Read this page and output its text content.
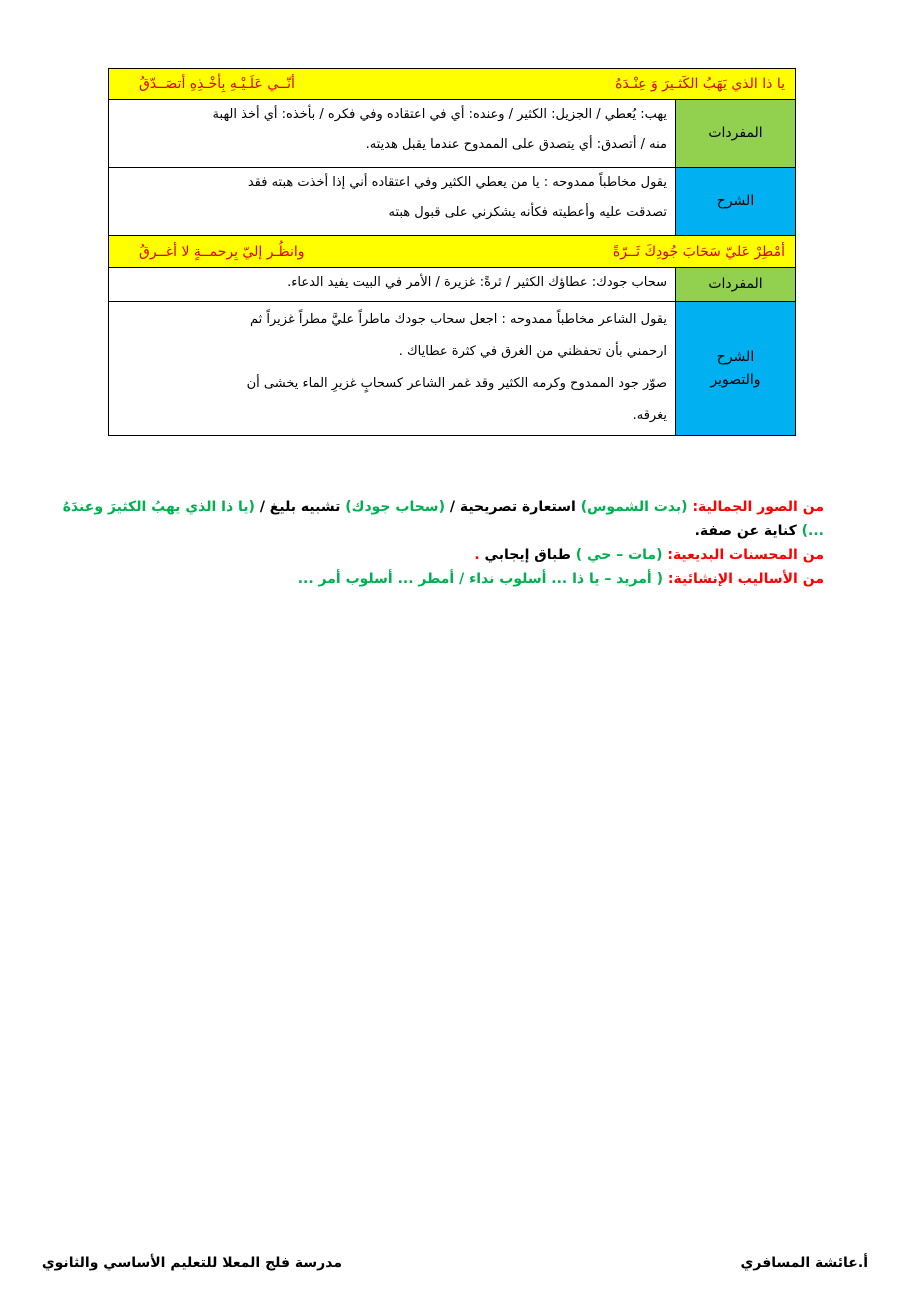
يا ذا الذي يَهَبُ الكَثـيرَ وَ عِنْـدَهُ
أنّــي عَلَـيْـهِ بِأخْـذِهِ أتصَــدّقُ
المفردات

يهب: يُعطي / الجزيل: الكثير / وعنده: أي في اعتقاده وفي فكره / بأخذه: أي أخذ الهبة

منه / أتصدق: أي يتصدق على الممدوح عندما يقبل هديته.

الشرح

يقول مخاطباً ممدوحه : يا من يعطي الكثير وفي اعتقاده أني إذا أخذت هبته فقد

تصدقت عليه وأعطيته فكأنه يشكرني على قبول هبته

أمْطِرْ عَليّ سَحَابَ جُودِكَ ثَــرّةً
وانظُـر إليّ بِرحمــةٍ لا أغــرقُ
المفردات

سحاب جودك: عطاؤك الكثير / ثرةً: غزيرة / الأمر في البيت يفيد الدعاء.

الشرح
والتصوير

يقول الشاعر مخاطباً ممدوحه : اجعل سحاب جودك ماطراً عليَّ مطراً غزيراً ثم

ارحمني بأن تحفظني من الغرق في كثرة عطاياك .

صوّر جود الممدوح وكرمه الكثير وقد غمر الشاعر كسحابٍ غزيرِ الماء يخشى أن

يغرقه.

من الصور الجمالية: (بدت الشموس) استعارة تصريحية / (سحاب جودك) تشبيه بليغ / (يا ذا الذي يهبُ الكثيرَ وعندَهُ ...) كناية عن صفة.

من المحسنات البديعية: (مات – حي ) طباق إيجابي .

من الأساليب الإنشائية: ( أمريد – يا ذا ... أسلوب نداء / أمطر ... أسلوب أمر ...

أ.عائشة المسافري
مدرسة فلج المعلا للتعليم الأساسي والثانوي
